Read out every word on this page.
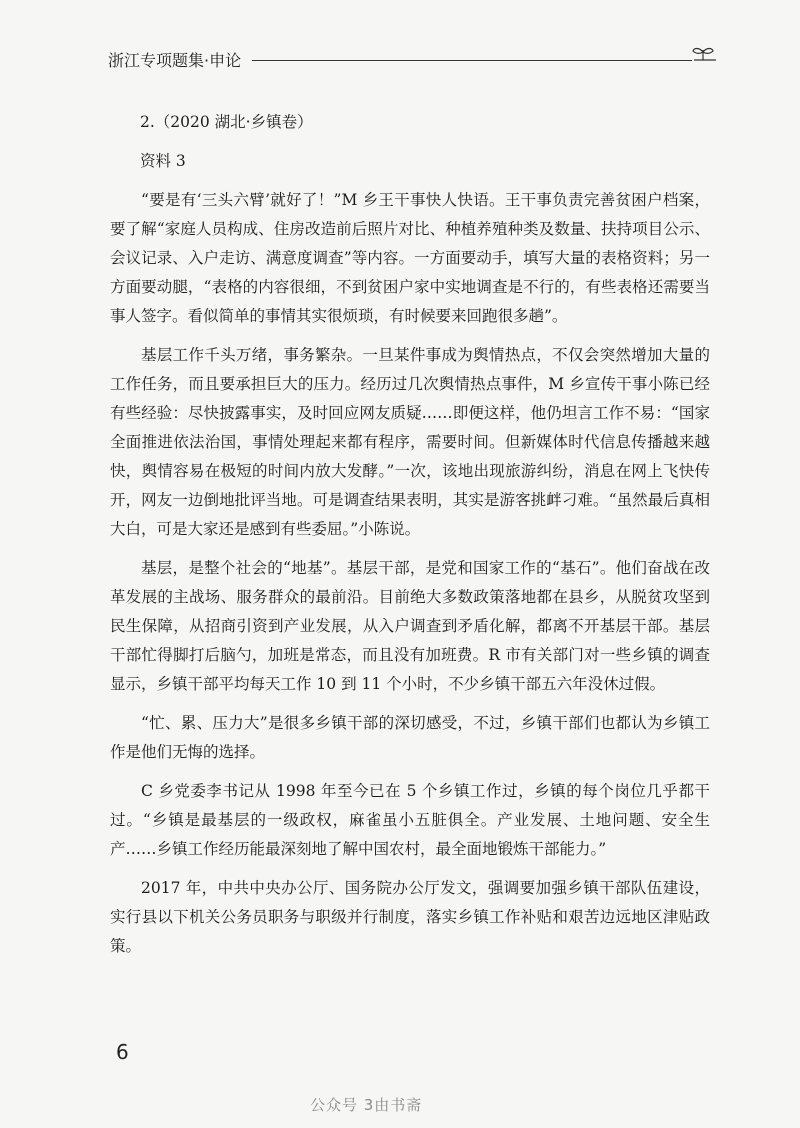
浙江专项题集·申论
2.（2020 湖北·乡镇卷）
资料 3

“要是有‘三头六臂’就好了！”M 乡王干事快人快语。王干事负责完善贫困户档案，要了解“家庭人员构成、住房改造前后照片对比、种植养殖种类及数量、扶持项目公示、会议记录、入户走访、满意度调查”等内容。一方面要动手，填写大量的表格资料；另一方面要动腿，“表格的内容很细，不到贫困户家中实地调查是不行的，有些表格还需要当事人签字。看似简单的事情其实很烦琐，有时候要来回跑很多趟”。

基层工作千头万绪，事务繁杂。一旦某件事成为舆情热点，不仅会突然增加大量的工作任务，而且要承担巨大的压力。经历过几次舆情热点事件，M 乡宣传干事小陈已经有些经验：尽快披露事实，及时回应网友质疑……即便这样，他仍坦言工作不易：“国家全面推进依法治国，事情处理起来都有程序，需要时间。但新媒体时代信息传播越来越快，舆情容易在极短的时间内放大发酵。”一次，该地出现旅游纠纷，消息在网上飞快传开，网友一边倒地批评当地。可是调查结果表明，其实是游客挑衅刁难。“虽然最后真相大白，可是大家还是感到有些委屈。”小陈说。

基层，是整个社会的“地基”。基层干部，是党和国家工作的“基石”。他们奋战在改革发展的主战场、服务群众的最前沿。目前绝大多数政策落地都在县乡，从脱贫攻坚到民生保障，从招商引资到产业发展，从入户调查到矛盾化解，都离不开基层干部。基层干部忙得脚打后脑勺，加班是常态，而且没有加班费。R 市有关部门对一些乡镇的调查显示，乡镇干部平均每天工作 10 到 11 个小时，不少乡镇干部五六年没休过假。

“忙、累、压力大”是很多乡镇干部的深切感受，不过，乡镇干部们也都认为乡镇工作是他们无悔的选择。

C 乡党委李书记从 1998 年至今已在 5 个乡镇工作过，乡镇的每个岗位几乎都干过。“乡镇是最基层的一级政权，麻雀虽小五脏俱全。产业发展、土地问题、安全生产……乡镇工作经历能最深刻地了解中国农村，最全面地锻炼干部能力。”

2017 年，中共中央办公厅、国务院办公厅发文，强调要加强乡镇干部队伍建设，实行县以下机关公务员职务与职级并行制度，落实乡镇工作补贴和艰苦边远地区津贴政策。

6
公众号 3由书斋
